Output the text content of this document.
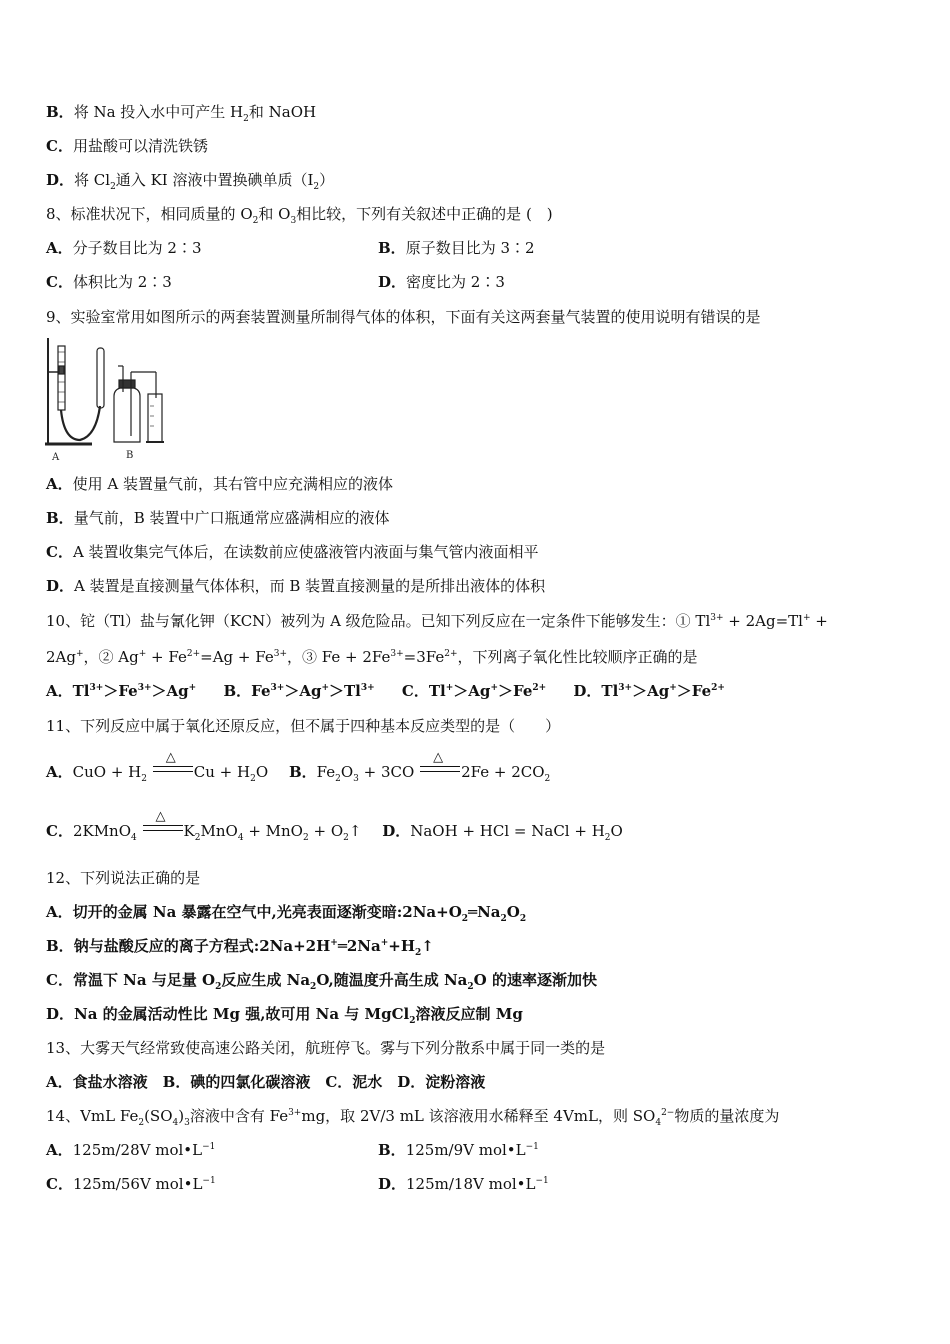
B．将 Na 投入水中可产生 $H_2$和 NaOH
C．用盐酸可以清洗铁锈
D．将 $Cl_2$通入 KI 溶液中置换碘单质$(I_2)$
8、标准状况下，相同质量的 $O_2$和 $O_3$相比较，下列有关叙述中正确的是 (　)
A．分子数目比为 2∶3	B．原子数目比为 3∶2
C．体积比为 2∶3	D．密度比为 2∶3
9、实验室常用如图所示的两套装置测量所制得气体的体积，下面有关这两套量气装置的使用说明有错误的是
A	B
A．使用 A 装置量气前，其右管中应充满相应的液体
B．量气前，B 装置中广口瓶通常应盛满相应的液体
C．A 装置收集完气体后，在读数前应使盛液管内液面与集气管内液面相平
D．A 装置是直接测量气体体积，而 B 装置直接测量的是所排出液体的体积
10、铊（Tl）盐与氰化钾（KCN）被列为 A 级危险品。已知下列反应在一定条件下能够发生：① $Tl^{3+} + 2Ag=Tl^+$ +
2Ag+，② $Ag^+ + Fe^{2+}=Ag + Fe^{3+}$，③ $Fe + 2Fe^{3+}=3Fe^{2+}$，下列离子氧化性比较顺序正确的是
A．$Tl^{3+}>Fe^{3+}>Ag^+$ B．$Fe^{3+}>Ag^+>Tl^{3+}$ C．$Tl^+>Ag^+>Fe^{2+}$ D．$Tl^{3+}>Ag^+>Fe^{2+}$
11、下列反应中属于氧化还原反应，但不属于四种基本反应类型的是（　　）
A．CuO + $H_2$
△
$Cu + H_2O$ B．$Fe_2O_3 + 3CO$
△
$2Fe + 2CO_2$
C．2KMnO$_4$
△
$K_2MnO_4 + MnO_2$ + $O_2↑$ D．NaOH + HCl = NaCl + $H_2O$
12、下列说法正确的是
A．切开的金属 Na 暴露在空气中,光亮表面逐渐变暗$:2Na+O_2═Na_2O_2$
B．钠与盐酸反应的离子方程式$:2Na+2H^+═2Na^++H_2↑$
C．常温下 Na 与足量 $O_2$反应生成 $Na_2O$,随温度升高生成 $Na_2O$ 的速率逐渐加快
D．Na 的金属活动性比 Mg 强,故可用 Na 与 MgCl$_2$溶液反应制 Mg
13、大雾天气经常致使高速公路关闭，航班停飞。雾与下列分散系中属于同一类的是
A．食盐水溶液　B．碘的四氯化碳溶液　C．泥水　D．淀粉溶液
14、VmL $Fe_2(SO_4)_3$溶液中含有 $Fe^{3+}mg$，取 2V/3 mL 该溶液用水稀释至 4VmL，则 $SO_4^{2-}$物质的量浓度为
A．125m/28V $mol•L^{-1}$	B．125m/9V $mol•L^{-1}$
C．125m/56V $mol•L^{-1}$	D．125m/18V $mol•L^{-1}$
